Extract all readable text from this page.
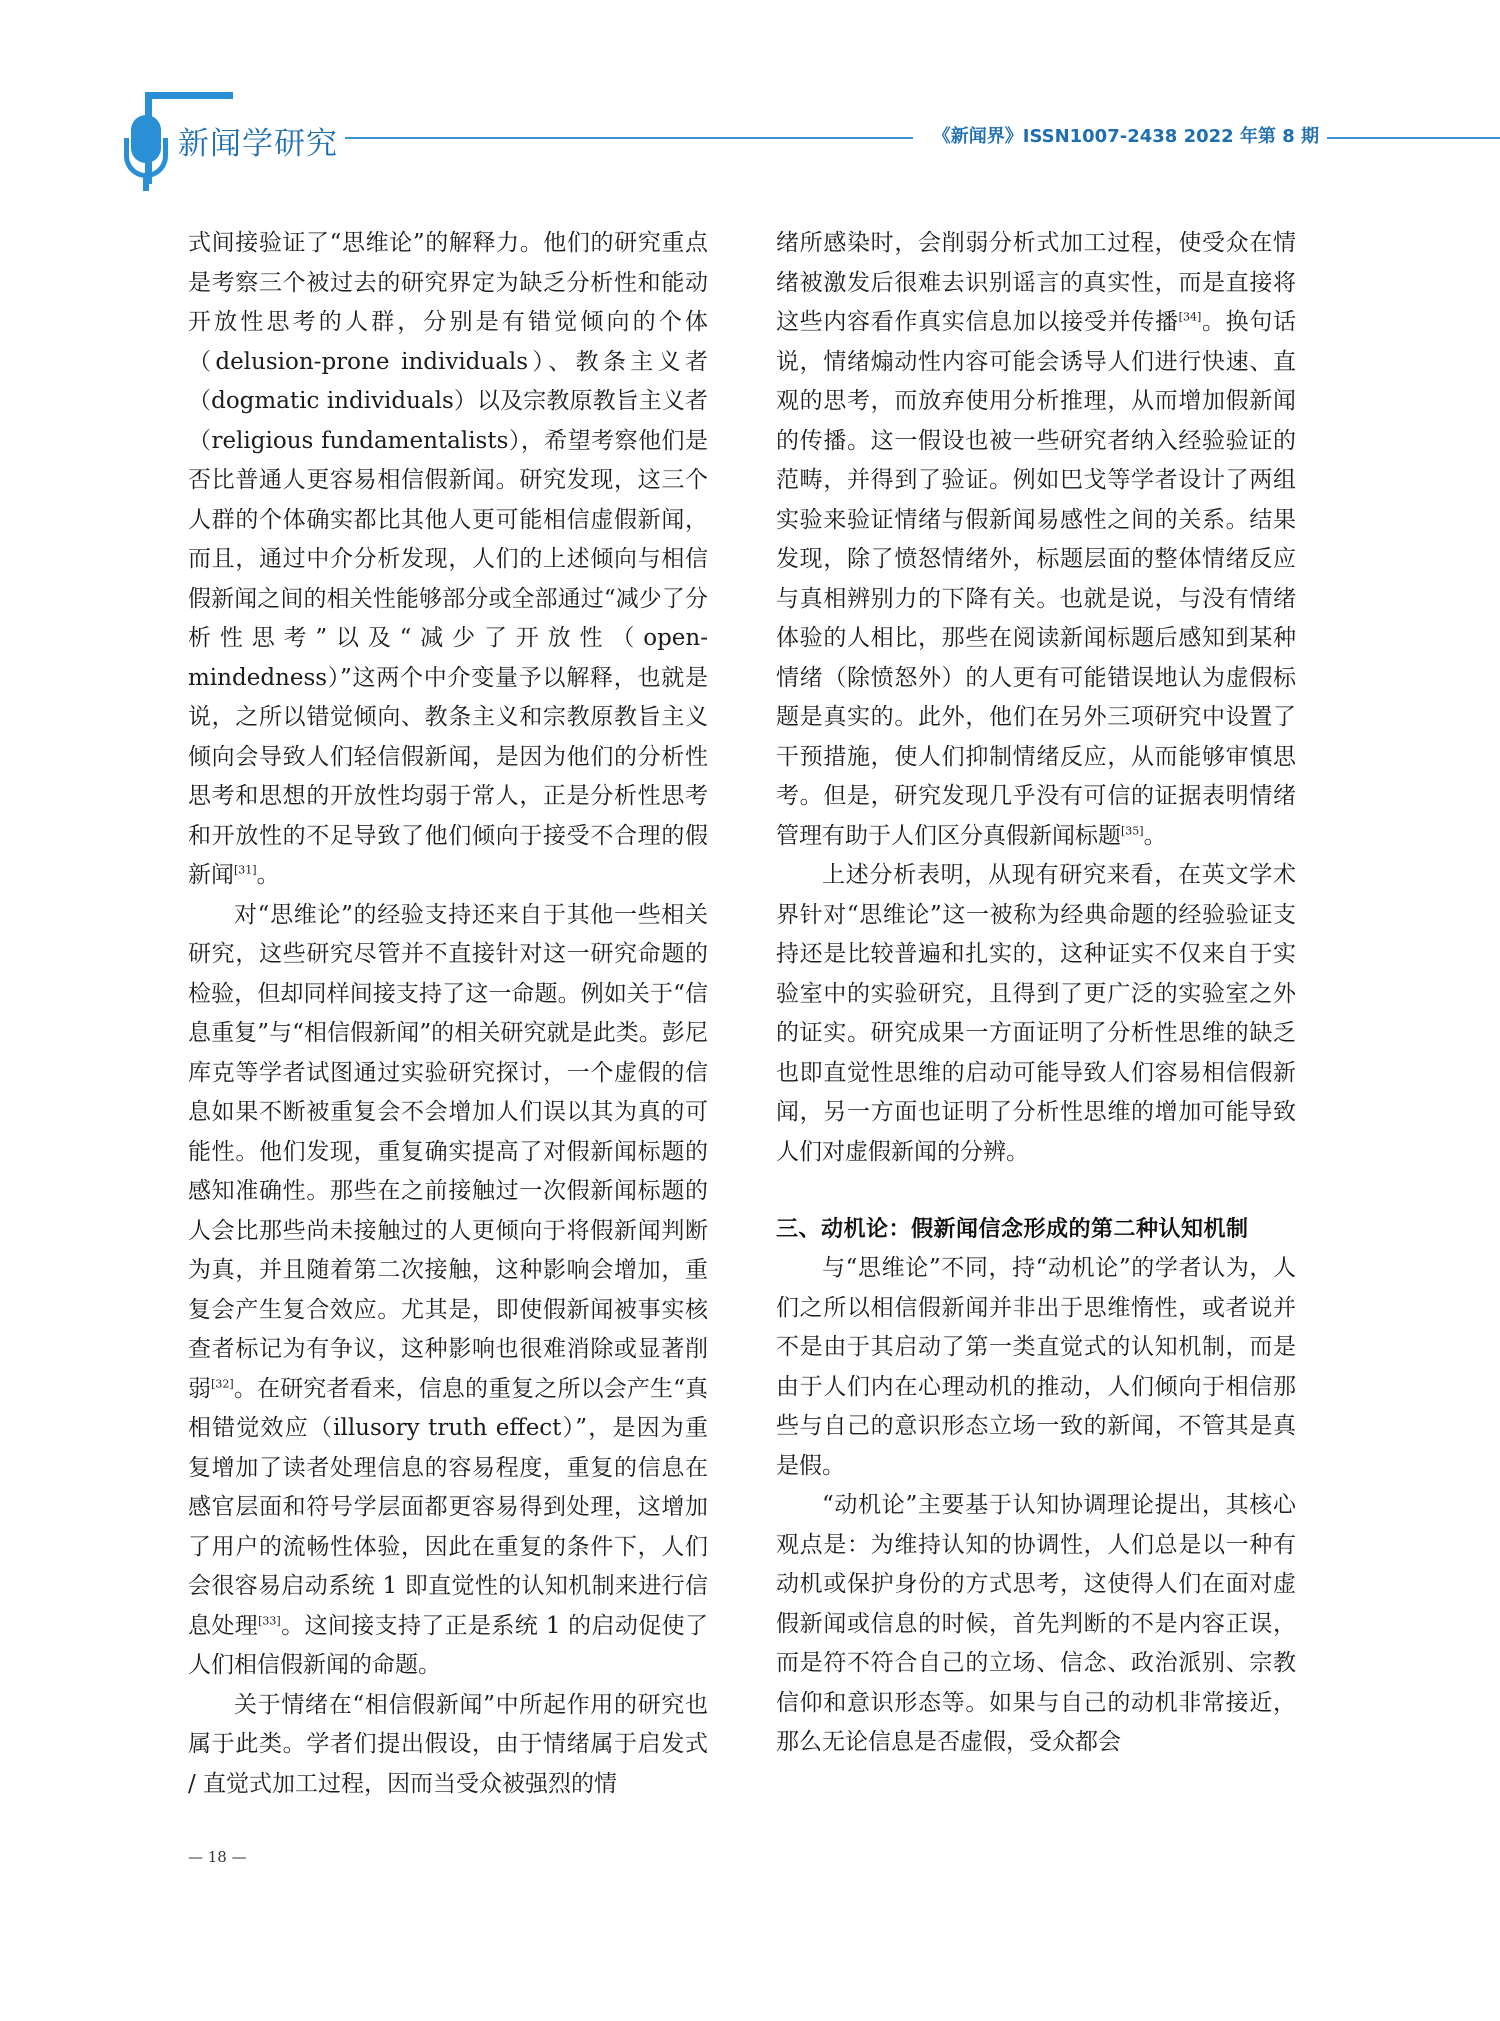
新闻学研究	《新闻界》ISSN1007-2438 2022 年第 8 期

式间接验证了“思维论”的解释力。他们的研究重点是考察三个被过去的研究界定为缺乏分析性和能动开放性思考的人群，分别是有错觉倾向的个体（delusion-prone individuals）、教条主义者（dogmatic individuals）以及宗教原教旨主义者（religious fundamentalists），希望考察他们是否比普通人更容易相信假新闻。研究发现，这三个人群的个体确实都比其他人更可能相信虚假新闻，而且，通过中介分析发现，人们的上述倾向与相信假新闻之间的相关性能够部分或全部通过“减少了分析性思考”以及“减少了开放性（open-mindedness）”这两个中介变量予以解释，也就是说，之所以错觉倾向、教条主义和宗教原教旨主义倾向会导致人们轻信假新闻，是因为他们的分析性思考和思想的开放性均弱于常人，正是分析性思考和开放性的不足导致了他们倾向于接受不合理的假新闻[31]。

对“思维论”的经验支持还来自于其他一些相关研究，这些研究尽管并不直接针对这一研究命题的检验，但却同样间接支持了这一命题。例如关于“信息重复”与“相信假新闻”的相关研究就是此类。彭尼库克等学者试图通过实验研究探讨，一个虚假的信息如果不断被重复会不会增加人们误以其为真的可能性。他们发现，重复确实提高了对假新闻标题的感知准确性。那些在之前接触过一次假新闻标题的人会比那些尚未接触过的人更倾向于将假新闻判断为真，并且随着第二次接触，这种影响会增加，重复会产生复合效应。尤其是，即使假新闻被事实核查者标记为有争议，这种影响也很难消除或显著削弱[32]。在研究者看来，信息的重复之所以会产生“真相错觉效应（illusory truth effect）”，是因为重复增加了读者处理信息的容易程度，重复的信息在感官层面和符号学层面都更容易得到处理，这增加了用户的流畅性体验，因此在重复的条件下，人们会很容易启动系统 1 即直觉性的认知机制来进行信息处理[33]。这间接支持了正是系统 1 的启动促使了人们相信假新闻的命题。

关于情绪在“相信假新闻”中所起作用的研究也属于此类。学者们提出假设，由于情绪属于启发式 / 直觉式加工过程，因而当受众被强烈的情

绪所感染时，会削弱分析式加工过程，使受众在情绪被激发后很难去识别谣言的真实性，而是直接将这些内容看作真实信息加以接受并传播[34]。换句话说，情绪煽动性内容可能会诱导人们进行快速、直观的思考，而放弃使用分析推理，从而增加假新闻的传播。这一假设也被一些研究者纳入经验验证的范畴，并得到了验证。例如巴戈等学者设计了两组实验来验证情绪与假新闻易感性之间的关系。结果发现，除了愤怒情绪外，标题层面的整体情绪反应与真相辨别力的下降有关。也就是说，与没有情绪体验的人相比，那些在阅读新闻标题后感知到某种情绪（除愤怒外）的人更有可能错误地认为虚假标题是真实的。此外，他们在另外三项研究中设置了干预措施，使人们抑制情绪反应，从而能够审慎思考。但是，研究发现几乎没有可信的证据表明情绪管理有助于人们区分真假新闻标题[35]。

上述分析表明，从现有研究来看，在英文学术界针对“思维论”这一被称为经典命题的经验验证支持还是比较普遍和扎实的，这种证实不仅来自于实验室中的实验研究，且得到了更广泛的实验室之外的证实。研究成果一方面证明了分析性思维的缺乏也即直觉性思维的启动可能导致人们容易相信假新闻，另一方面也证明了分析性思维的增加可能导致人们对虚假新闻的分辨。

三、动机论：假新闻信念形成的第二种认知机制

与“思维论”不同，持“动机论”的学者认为，人们之所以相信假新闻并非出于思维惰性，或者说并不是由于其启动了第一类直觉式的认知机制，而是由于人们内在心理动机的推动，人们倾向于相信那些与自己的意识形态立场一致的新闻，不管其是真是假。

“动机论”主要基于认知协调理论提出，其核心观点是：为维持认知的协调性，人们总是以一种有动机或保护身份的方式思考，这使得人们在面对虚假新闻或信息的时候，首先判断的不是内容正误，而是符不符合自己的立场、信念、政治派别、宗教信仰和意识形态等。如果与自己的动机非常接近，那么无论信息是否虚假，受众都会

— 18 —
